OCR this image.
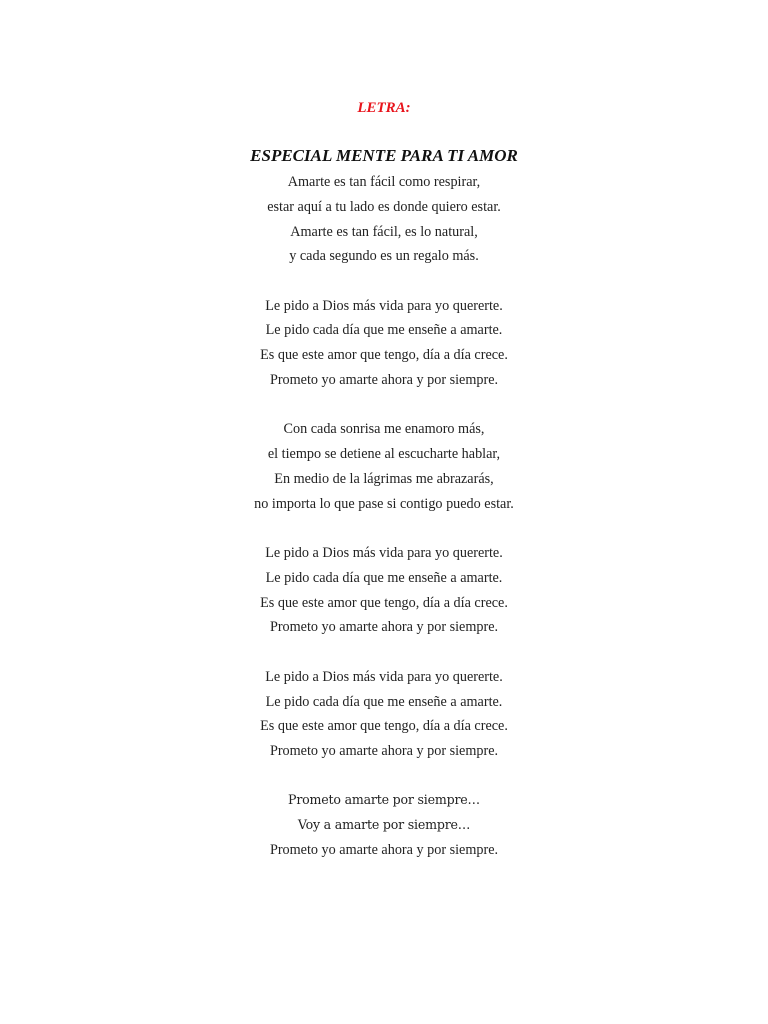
LETRA:
ESPECIAL MENTE PARA TI AMOR
Amarte es tan fácil como respirar,
estar aquí a tu lado es donde quiero estar.
Amarte es tan fácil, es lo natural,
y cada segundo es un regalo más.
Le pido a Dios más vida para yo quererte.
Le pido cada día que me enseñe a amarte.
Es que este amor que tengo, día a día crece.
Prometo yo amarte ahora y por siempre.
Con cada sonrisa me enamoro más,
el tiempo se detiene al escucharte hablar,
En medio de la lágrimas me abrazarás,
no importa lo que pase si contigo puedo estar.
Le pido a Dios más vida para yo quererte.
Le pido cada día que me enseñe a amarte.
Es que este amor que tengo, día a día crece.
Prometo yo amarte ahora y por siempre.
Le pido a Dios más vida para yo quererte.
Le pido cada día que me enseñe a amarte.
Es que este amor que tengo, día a día crece.
Prometo yo amarte ahora y por siempre.
Prometo amarte por siempre…
Voy a amarte por siempre…
Prometo yo amarte ahora y por siempre.
